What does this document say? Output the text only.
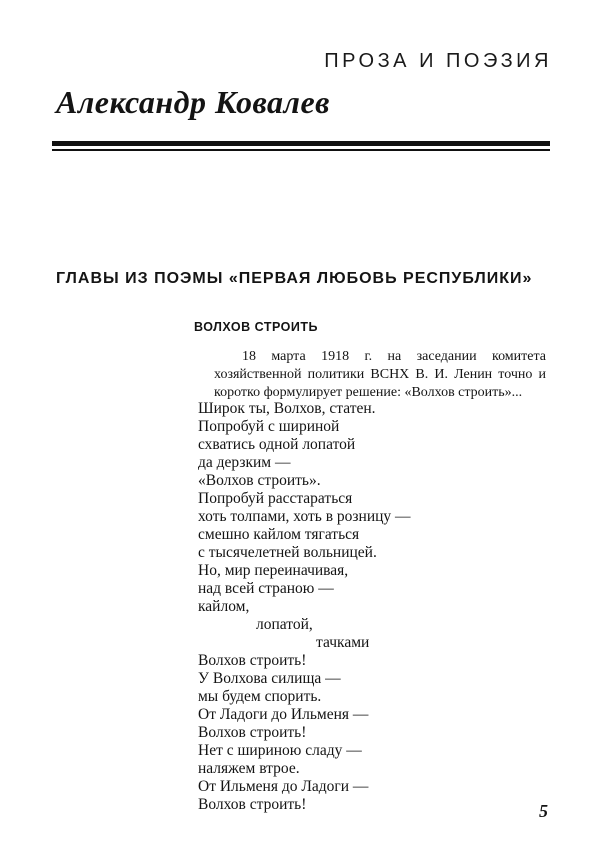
ПРОЗА И ПОЭЗИЯ
Александр Ковалев
ГЛАВЫ ИЗ ПОЭМЫ «ПЕРВАЯ ЛЮБОВЬ РЕСПУБЛИКИ»
ВОЛХОВ СТРОИТЬ
18 марта 1918 г. на заседании комитета хозяйственной политики ВСНХ В. И. Ленин точно и коротко формулирует решение: «Волхов строить»...
Широк ты, Волхов, статен.
Попробуй с шириной
схватись одной лопатой
да дерзким —
«Волхов строить».
Попробуй расстараться
хоть толпами, хоть в розницу —
смешно кайлом тягаться
с тысячелетней вольницей.
Но, мир переиначивая,
над всей страною —
кайлом,
лопатой,
тачками
Волхов строить!
У Волхова силища —
мы будем спорить.
От Ладоги до Ильменя —
Волхов строить!
Нет с шириною сладу —
наляжем втрое.
От Ильменя до Ладоги —
Волхов строить!	5
